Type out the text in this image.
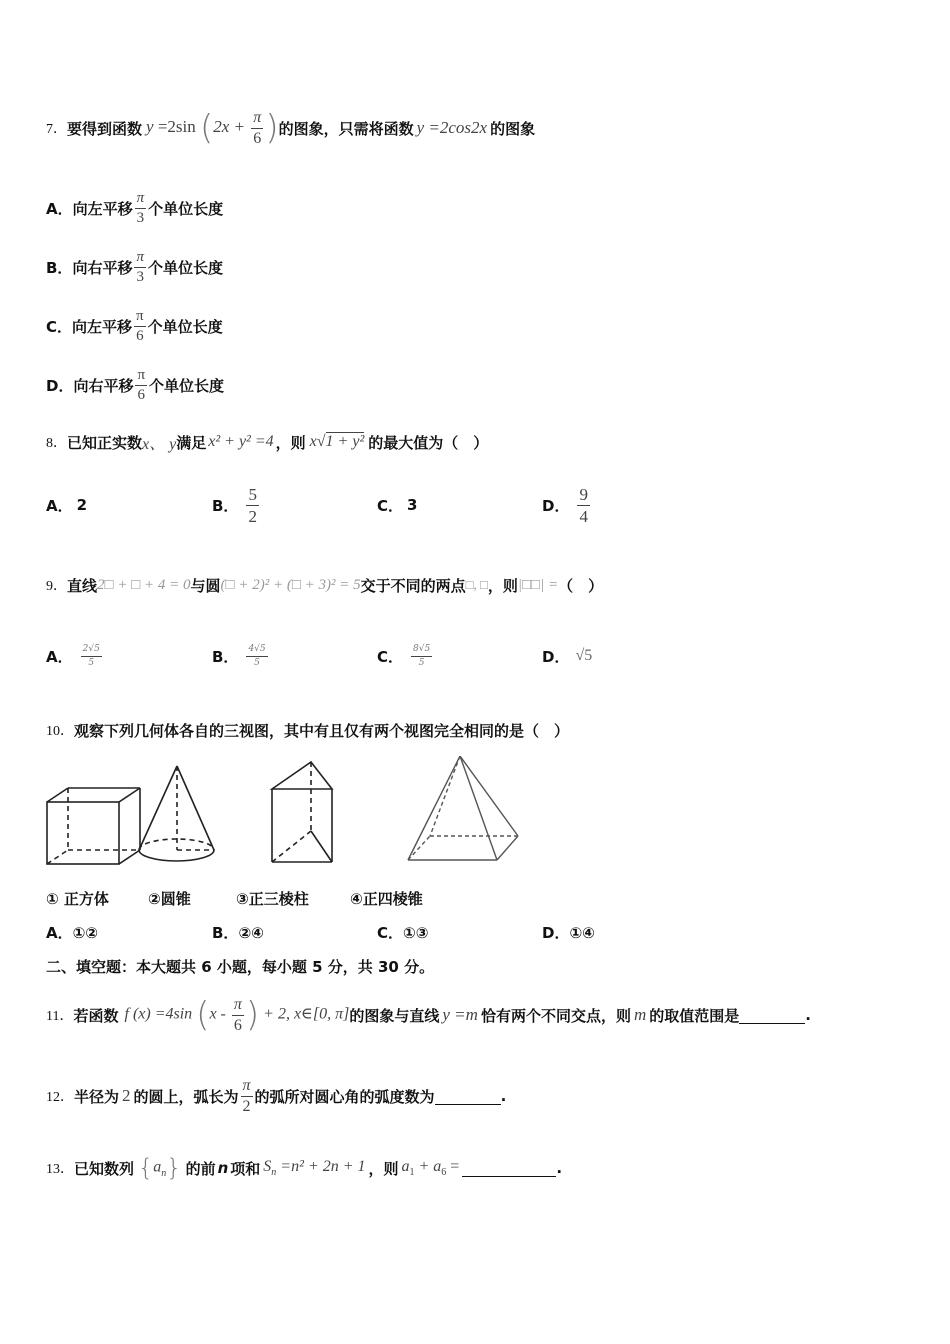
7． 要得到函数 y =2sin ($2x + \frac{\pi}{6}$ ) 的图象，只需将函数 y =2cos2x 的图象
A． 向左平移 $\frac{\pi}{3}$ 个单位长度
B． 向右平移 $\frac{\pi}{3}$ 个单位长度
C． 向左平移 $\frac{\pi}{6}$ 个单位长度
D． 向右平移 $\frac{\pi}{6}$ 个单位长度
8． 已知正实数 x、 y 满足 x² + y² =4 ，则 x√1 + y² 的最大值为（　）
A． 2	B． $\frac{5}{2}$	C． 3	D． $\frac{9}{4}$
9． 直线 2□ + □ + 4 = 0 与圆 (□ + 2)² + (□ + 3)² = 5 交于不同的两点 □, □ ，则 |□□| = （　）
A． $\frac{2√5}{5}$	B． $\frac{4√5}{5}$	C． $\frac{8√5}{5}$	D． √5
10． 观察下列几何体各自的三视图，其中有且仅有两个视图完全相同的是（　）
① 正方体	②圆锥	③正三棱柱	④正四棱锥
A．①②	B．②④	C．①③	D．①④
二、填空题：本大题共 6 小题，每小题 5 分，共 30 分。
11． 若函数 f (x) =4sin ($x - \frac{\pi}{6}$ ) + 2, x∈[0, π] 的图象与直线 y =m 恰有两个不同交点，则 m 的取值范围是	.
12． 半径为 2 的圆上，弧长为 $\frac{\pi}{2}$ 的弧所对圆心角的弧度数为	.
13． 已知数列 $\{a_n\}$ 的前 n 项和 $S_n =n^2 + 2n + 1$ ，则 $a_1 + a_6$ =	.
